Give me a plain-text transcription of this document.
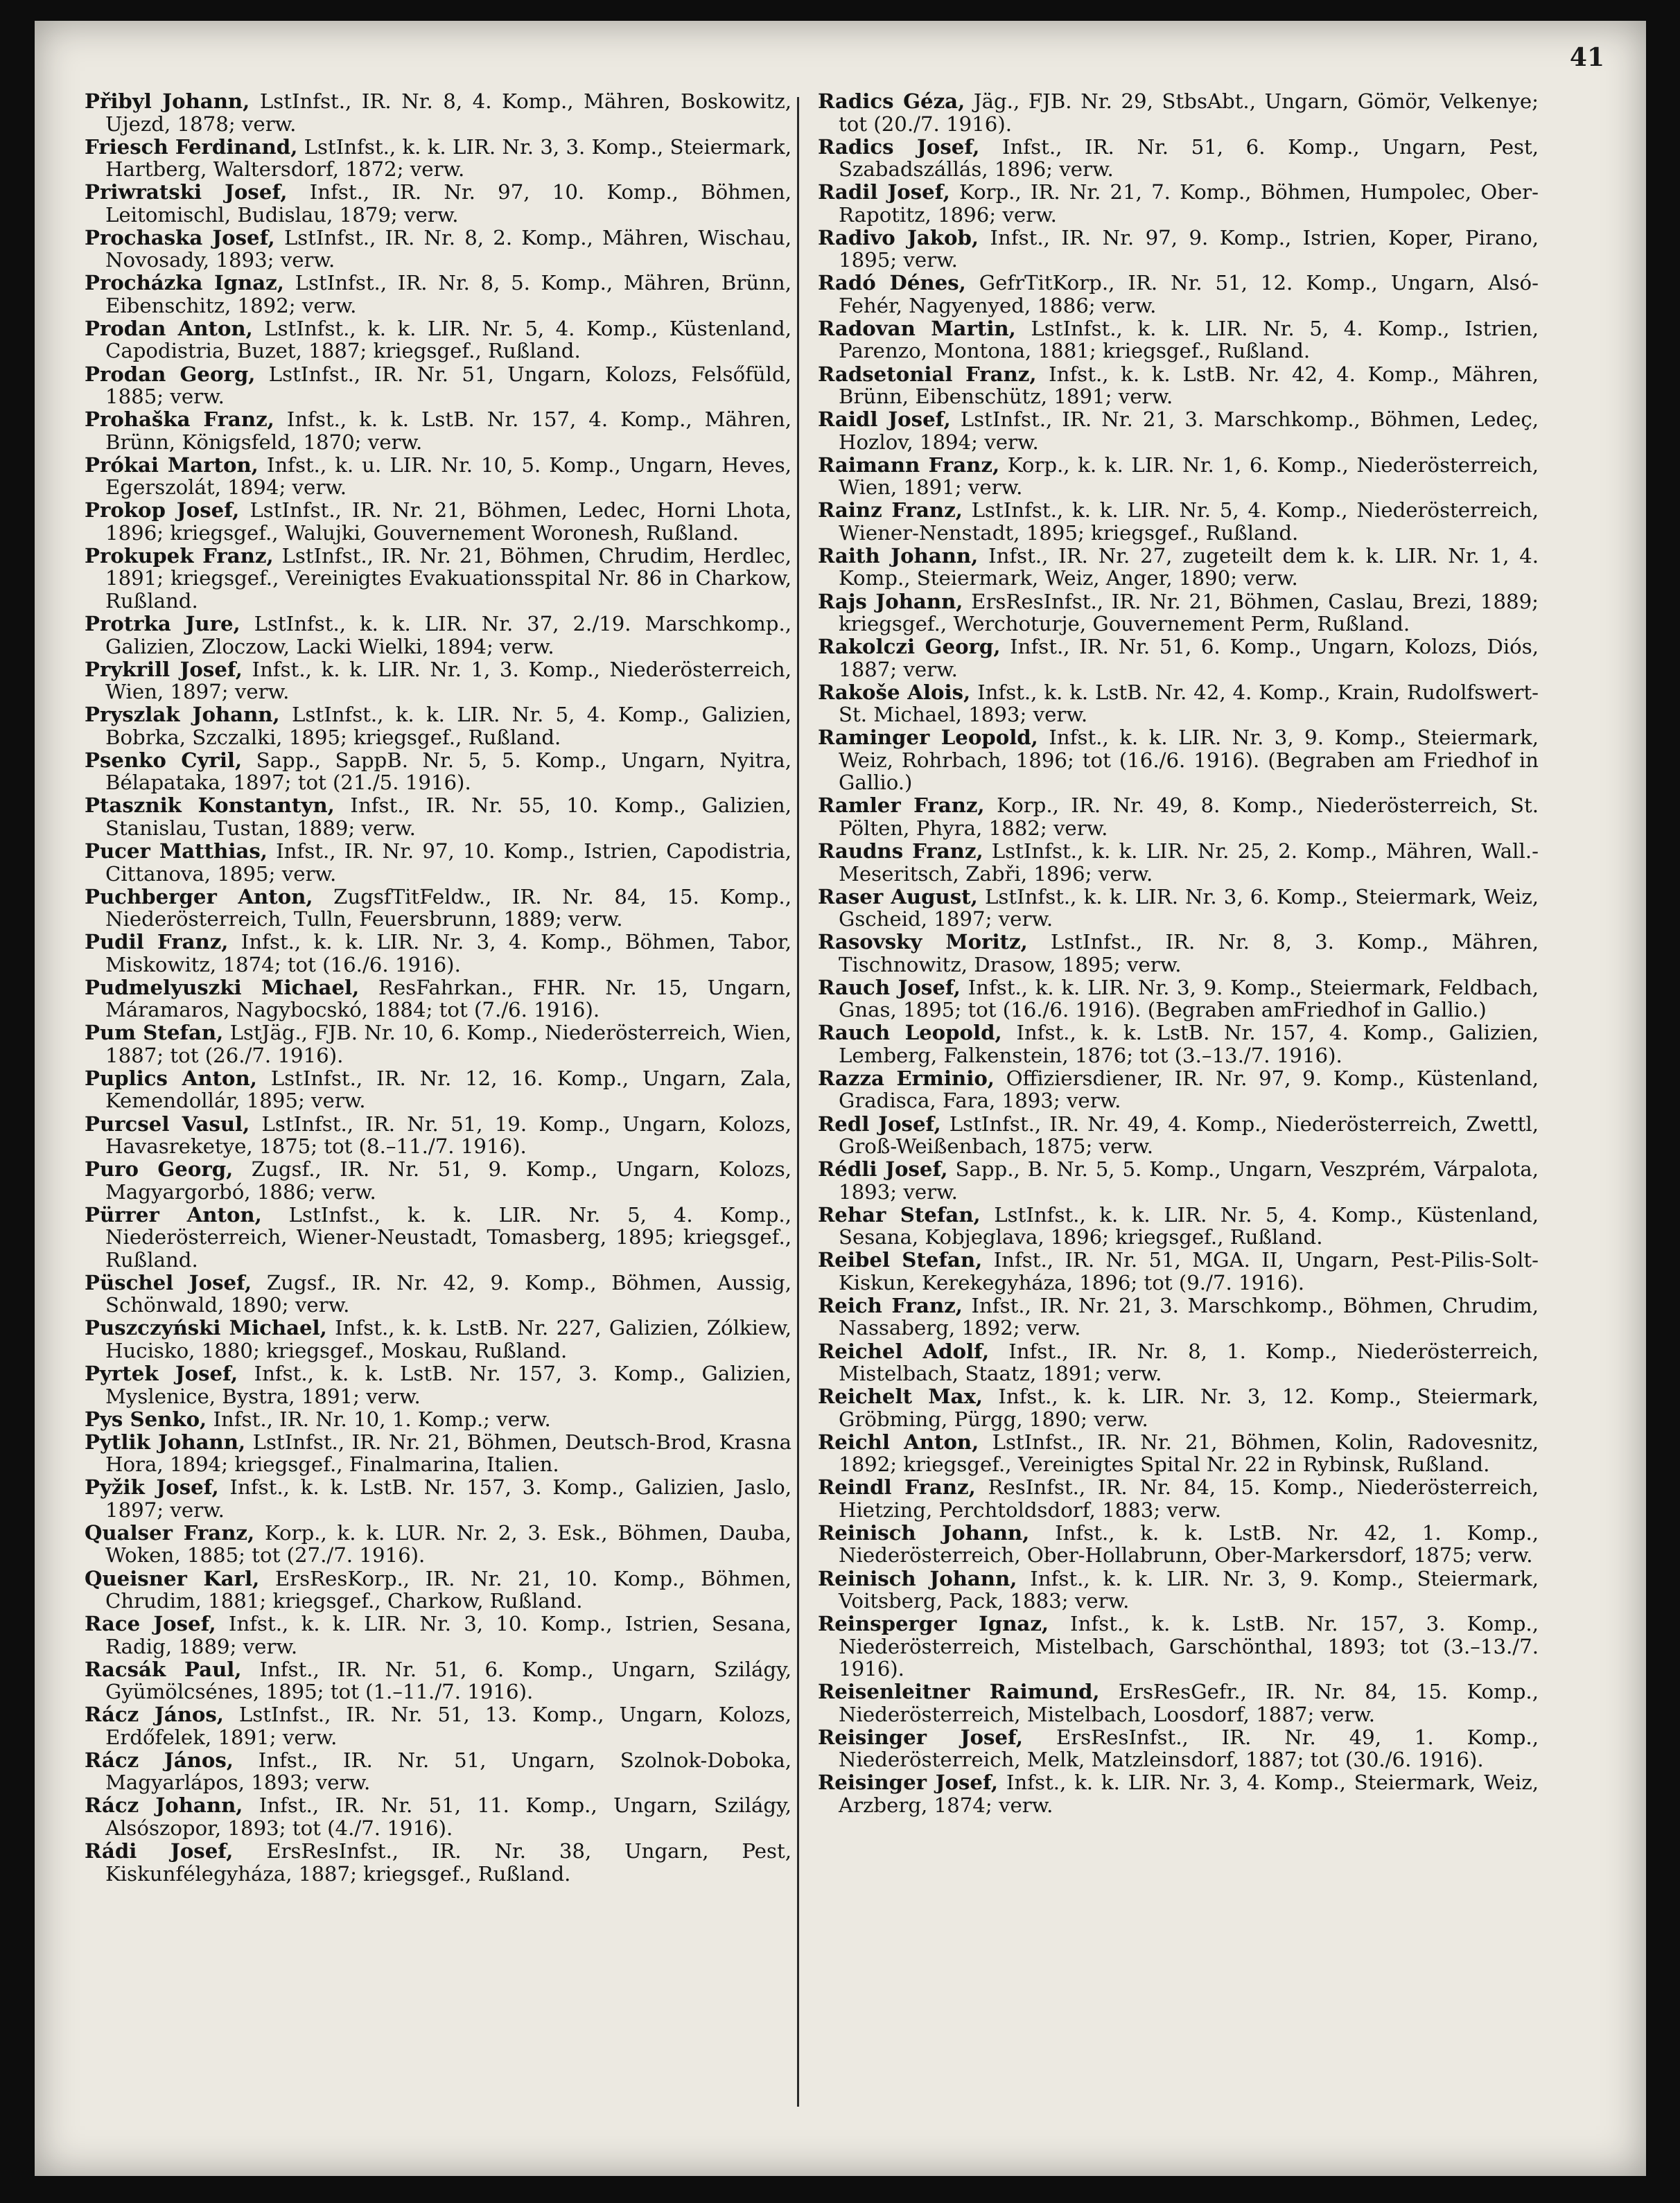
41
Přibyl Johann, LstInfst., IR. Nr. 8, 4. Komp., Mähren, Boskowitz, Ujezd, 1878; verw.
Friesch Ferdinand, LstInfst., k. k. LIR. Nr. 3, 3. Komp., Steiermark, Hartberg, Waltersdorf, 1872; verw.
Priwratski Josef, Infst., IR. Nr. 97, 10. Komp., Böhmen, Leitomischl, Budislau, 1879; verw.
Prochaska Josef, LstInfst., IR. Nr. 8, 2. Komp., Mähren, Wischau, Novosady, 1893; verw.
Procházka Ignaz, LstInfst., IR. Nr. 8, 5. Komp., Mähren, Brünn, Eibenschitz, 1892; verw.
Prodan Anton, LstInfst., k. k. LIR. Nr. 5, 4. Komp., Küstenland, Capodistria, Buzet, 1887; kriegsgef., Rußland.
Prodan Georg, LstInfst., IR. Nr. 51, Ungarn, Kolozs, Felsőfüld, 1885; verw.
Prohaška Franz, Infst., k. k. LstB. Nr. 157, 4. Komp., Mähren, Brünn, Königsfeld, 1870; verw.
Prókai Marton, Infst., k. u. LIR. Nr. 10, 5. Komp., Ungarn, Heves, Egerszolát, 1894; verw.
Prokop Josef, LstInfst., IR. Nr. 21, Böhmen, Ledec, Horni Lhota, 1896; kriegsgef., Walujki, Gouvernement Woronesh, Rußland.
Prokupek Franz, LstInfst., IR. Nr. 21, Böhmen, Chrudim, Herdlec, 1891; kriegsgef., Vereinigtes Evakuationsspital Nr. 86 in Charkow, Rußland.
Protrka Jure, LstInfst., k. k. LIR. Nr. 37, 2./19. Marschkomp., Galizien, Zloczow, Lacki Wielki, 1894; verw.
Prykrill Josef, Infst., k. k. LIR. Nr. 1, 3. Komp., Niederösterreich, Wien, 1897; verw.
Pryszlak Johann, LstInfst., k. k. LIR. Nr. 5, 4. Komp., Galizien, Bobrka, Szczalki, 1895; kriegsgef., Rußland.
Psenko Cyril, Sapp., SappB. Nr. 5, 5. Komp., Ungarn, Nyitra, Bélapataka, 1897; tot (21./5. 1916).
Ptasznik Konstantyn, Infst., IR. Nr. 55, 10. Komp., Galizien, Stanislau, Tustan, 1889; verw.
Pucer Matthias, Infst., IR. Nr. 97, 10. Komp., Istrien, Capodistria, Cittanova, 1895; verw.
Puchberger Anton, ZugsfTitFeldw., IR. Nr. 84, 15. Komp., Niederösterreich, Tulln, Feuersbrunn, 1889; verw.
Pudil Franz, Infst., k. k. LIR. Nr. 3, 4. Komp., Böhmen, Tabor, Miskowitz, 1874; tot (16./6. 1916).
Pudmelyuszki Michael, ResFahrkan., FHR. Nr. 15, Ungarn, Máramaros, Nagybocskó, 1884; tot (7./6. 1916).
Pum Stefan, LstJäg., FJB. Nr. 10, 6. Komp., Niederösterreich, Wien, 1887; tot (26./7. 1916).
Puplics Anton, LstInfst., IR. Nr. 12, 16. Komp., Ungarn, Zala, Kemendollár, 1895; verw.
Purcsel Vasul, LstInfst., IR. Nr. 51, 19. Komp., Ungarn, Kolozs, Havasreketye, 1875; tot (8.–11./7. 1916).
Puro Georg, Zugsf., IR. Nr. 51, 9. Komp., Ungarn, Kolozs, Magyargorbó, 1886; verw.
Pürrer Anton, LstInfst., k. k. LIR. Nr. 5, 4. Komp., Niederösterreich, Wiener-Neustadt, Tomasberg, 1895; kriegsgef., Rußland.
Püschel Josef, Zugsf., IR. Nr. 42, 9. Komp., Böhmen, Aussig, Schönwald, 1890; verw.
Puszczyński Michael, Infst., k. k. LstB. Nr. 227, Galizien, Zólkiew, Hucisko, 1880; kriegsgef., Moskau, Rußland.
Pyrtek Josef, Infst., k. k. LstB. Nr. 157, 3. Komp., Galizien, Myslenice, Bystra, 1891; verw.
Pys Senko, Infst., IR. Nr. 10, 1. Komp.; verw.
Pytlik Johann, LstInfst., IR. Nr. 21, Böhmen, Deutsch-Brod, Krasna Hora, 1894; kriegsgef., Finalmarina, Italien.
Pyžik Josef, Infst., k. k. LstB. Nr. 157, 3. Komp., Galizien, Jaslo, 1897; verw.
Qualser Franz, Korp., k. k. LUR. Nr. 2, 3. Esk., Böhmen, Dauba, Woken, 1885; tot (27./7. 1916).
Queisner Karl, ErsResKorp., IR. Nr. 21, 10. Komp., Böhmen, Chrudim, 1881; kriegsgef., Charkow, Rußland.
Race Josef, Infst., k. k. LIR. Nr. 3, 10. Komp., Istrien, Sesana, Radig, 1889; verw.
Racsák Paul, Infst., IR. Nr. 51, 6. Komp., Ungarn, Szilágy, Gyümölcsénes, 1895; tot (1.–11./7. 1916).
Rácz János, LstInfst., IR. Nr. 51, 13. Komp., Ungarn, Kolozs, Erdőfelek, 1891; verw.
Rácz János, Infst., IR. Nr. 51, Ungarn, Szolnok-Doboka, Magyarlápos, 1893; verw.
Rácz Johann, Infst., IR. Nr. 51, 11. Komp., Ungarn, Szilágy, Alsószopor, 1893; tot (4./7. 1916).
Rádi Josef, ErsResInfst., IR. Nr. 38, Ungarn, Pest, Kiskunfélegyháza, 1887; kriegsgef., Rußland.
Radics Géza, Jäg., FJB. Nr. 29, StbsAbt., Ungarn, Gömör, Velkenye; tot (20./7. 1916).
Radics Josef, Infst., IR. Nr. 51, 6. Komp., Ungarn, Pest, Szabadszállás, 1896; verw.
Radil Josef, Korp., IR. Nr. 21, 7. Komp., Böhmen, Humpolec, Ober-Rapotitz, 1896; verw.
Radivo Jakob, Infst., IR. Nr. 97, 9. Komp., Istrien, Koper, Pirano, 1895; verw.
Radó Dénes, GefrTitKorp., IR. Nr. 51, 12. Komp., Ungarn, Alsó-Fehér, Nagyenyed, 1886; verw.
Radovan Martin, LstInfst., k. k. LIR. Nr. 5, 4. Komp., Istrien, Parenzo, Montona, 1881; kriegsgef., Rußland.
Radsetonial Franz, Infst., k. k. LstB. Nr. 42, 4. Komp., Mähren, Brünn, Eibenschütz, 1891; verw.
Raidl Josef, LstInfst., IR. Nr. 21, 3. Marschkomp., Böhmen, Ledeç, Hozlov, 1894; verw.
Raimann Franz, Korp., k. k. LIR. Nr. 1, 6. Komp., Niederösterreich, Wien, 1891; verw.
Rainz Franz, LstInfst., k. k. LIR. Nr. 5, 4. Komp., Niederösterreich, Wiener-Nenstadt, 1895; kriegsgef., Rußland.
Raith Johann, Infst., IR. Nr. 27, zugeteilt dem k. k. LIR. Nr. 1, 4. Komp., Steiermark, Weiz, Anger, 1890; verw.
Rajs Johann, ErsResInfst., IR. Nr. 21, Böhmen, Caslau, Brezi, 1889; kriegsgef., Werchoturje, Gouvernement Perm, Rußland.
Rakolczi Georg, Infst., IR. Nr. 51, 6. Komp., Ungarn, Kolozs, Diós, 1887; verw.
Rakoše Alois, Infst., k. k. LstB. Nr. 42, 4. Komp., Krain, Rudolfswert-St. Michael, 1893; verw.
Raminger Leopold, Infst., k. k. LIR. Nr. 3, 9. Komp., Steiermark, Weiz, Rohrbach, 1896; tot (16./6. 1916). (Begraben am Friedhof in Gallio.)
Ramler Franz, Korp., IR. Nr. 49, 8. Komp., Niederösterreich, St. Pölten, Phyra, 1882; verw.
Raudns Franz, LstInfst., k. k. LIR. Nr. 25, 2. Komp., Mähren, Wall.-Meseritsch, Zabři, 1896; verw.
Raser August, LstInfst., k. k. LIR. Nr. 3, 6. Komp., Steiermark, Weiz, Gscheid, 1897; verw.
Rasovsky Moritz, LstInfst., IR. Nr. 8, 3. Komp., Mähren, Tischnowitz, Drasow, 1895; verw.
Rauch Josef, Infst., k. k. LIR. Nr. 3, 9. Komp., Steiermark, Feldbach, Gnas, 1895; tot (16./6. 1916). (Begraben amFriedhof in Gallio.)
Rauch Leopold, Infst., k. k. LstB. Nr. 157, 4. Komp., Galizien, Lemberg, Falkenstein, 1876; tot (3.–13./7. 1916).
Razza Erminio, Offiziersdiener, IR. Nr. 97, 9. Komp., Küstenland, Gradisca, Fara, 1893; verw.
Redl Josef, LstInfst., IR. Nr. 49, 4. Komp., Niederösterreich, Zwettl, Groß-Weißenbach, 1875; verw.
Rédli Josef, Sapp., B. Nr. 5, 5. Komp., Ungarn, Veszprém, Várpalota, 1893; verw.
Rehar Stefan, LstInfst., k. k. LIR. Nr. 5, 4. Komp., Küstenland, Sesana, Kobjeglava, 1896; kriegsgef., Rußland.
Reibel Stefan, Infst., IR. Nr. 51, MGA. II, Ungarn, Pest-Pilis-Solt-Kiskun, Kerekegyháza, 1896; tot (9./7. 1916).
Reich Franz, Infst., IR. Nr. 21, 3. Marschkomp., Böhmen, Chrudim, Nassaberg, 1892; verw.
Reichel Adolf, Infst., IR. Nr. 8, 1. Komp., Niederösterreich, Mistelbach, Staatz, 1891; verw.
Reichelt Max, Infst., k. k. LIR. Nr. 3, 12. Komp., Steiermark, Gröbming, Pürgg, 1890; verw.
Reichl Anton, LstInfst., IR. Nr. 21, Böhmen, Kolin, Radovesnitz, 1892; kriegsgef., Vereinigtes Spital Nr. 22 in Rybinsk, Rußland.
Reindl Franz, ResInfst., IR. Nr. 84, 15. Komp., Niederösterreich, Hietzing, Perchtoldsdorf, 1883; verw.
Reinisch Johann, Infst., k. k. LstB. Nr. 42, 1. Komp., Niederösterreich, Ober-Hollabrunn, Ober-Markersdorf, 1875; verw.
Reinisch Johann, Infst., k. k. LIR. Nr. 3, 9. Komp., Steiermark, Voitsberg, Pack, 1883; verw.
Reinsperger Ignaz, Infst., k. k. LstB. Nr. 157, 3. Komp., Niederösterreich, Mistelbach, Garschönthal, 1893; tot (3.–13./7. 1916).
Reisenleitner Raimund, ErsResGefr., IR. Nr. 84, 15. Komp., Niederösterreich, Mistelbach, Loosdorf, 1887; verw.
Reisinger Josef, ErsResInfst., IR. Nr. 49, 1. Komp., Niederösterreich, Melk, Matzleinsdorf, 1887; tot (30./6. 1916).
Reisinger Josef, Infst., k. k. LIR. Nr. 3, 4. Komp., Steiermark, Weiz, Arzberg, 1874; verw.
